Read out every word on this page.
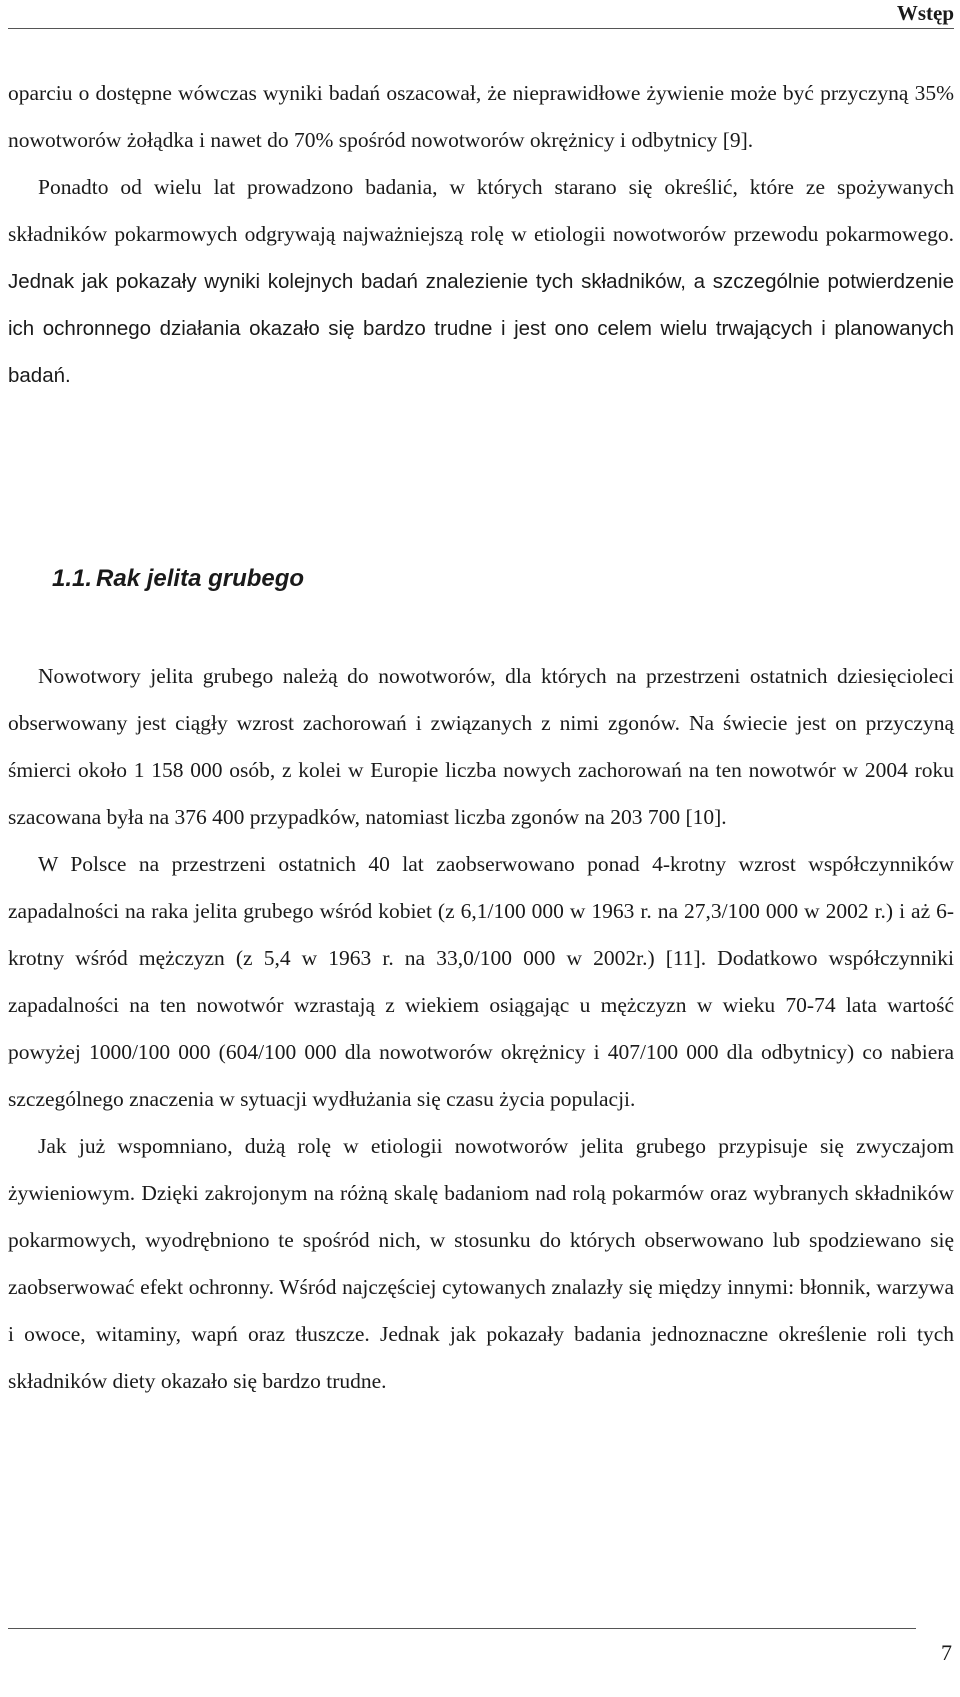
Wstęp

oparciu o dostępne wówczas wyniki badań oszacował, że nieprawidłowe żywienie może być przyczyną 35% nowotworów żołądka i nawet do 70% spośród nowotworów okrężnicy i odbytnicy [9].

Ponadto od wielu lat prowadzono badania, w których starano się określić, które ze spożywanych składników pokarmowych odgrywają najważniejszą rolę w etiologii nowotworów przewodu pokarmowego. Jednak jak pokazały wyniki kolejnych badań znalezienie tych składników, a szczególnie potwierdzenie ich ochronnego działania okazało się bardzo trudne i jest ono celem wielu trwających i planowanych badań.

1.1. Rak jelita grubego

Nowotwory jelita grubego należą do nowotworów, dla których na przestrzeni ostatnich dziesięcioleci obserwowany jest ciągły wzrost zachorowań i związanych z nimi zgonów. Na świecie jest on przyczyną śmierci około 1 158 000 osób, z kolei w Europie liczba nowych zachorowań na ten nowotwór w 2004 roku szacowana była na 376 400 przypadków, natomiast liczba zgonów na 203 700 [10].

W Polsce na przestrzeni ostatnich 40 lat zaobserwowano ponad 4-krotny wzrost współczynników zapadalności na raka jelita grubego wśród kobiet (z 6,1/100 000 w 1963 r. na 27,3/100 000 w 2002 r.) i aż 6-krotny wśród mężczyzn (z 5,4 w 1963 r. na 33,0/100 000 w 2002r.) [11]. Dodatkowo współczynniki zapadalności na ten nowotwór wzrastają z wiekiem osiągając u mężczyzn w wieku 70-74 lata wartość powyżej 1000/100 000 (604/100 000 dla nowotworów okrężnicy i 407/100 000 dla odbytnicy) co nabiera szczególnego znaczenia w sytuacji wydłużania się czasu życia populacji.

Jak już wspomniano, dużą rolę w etiologii nowotworów jelita grubego przypisuje się zwyczajom żywieniowym. Dzięki zakrojonym na różną skalę badaniom nad rolą pokarmów oraz wybranych składników pokarmowych, wyodrębniono te spośród nich, w stosunku do których obserwowano lub spodziewano się zaobserwować efekt ochronny. Wśród najczęściej cytowanych znalazły się między innymi: błonnik, warzywa i owoce, witaminy, wapń oraz tłuszcze. Jednak jak pokazały badania jednoznaczne określenie roli tych składników diety okazało się bardzo trudne.

7
